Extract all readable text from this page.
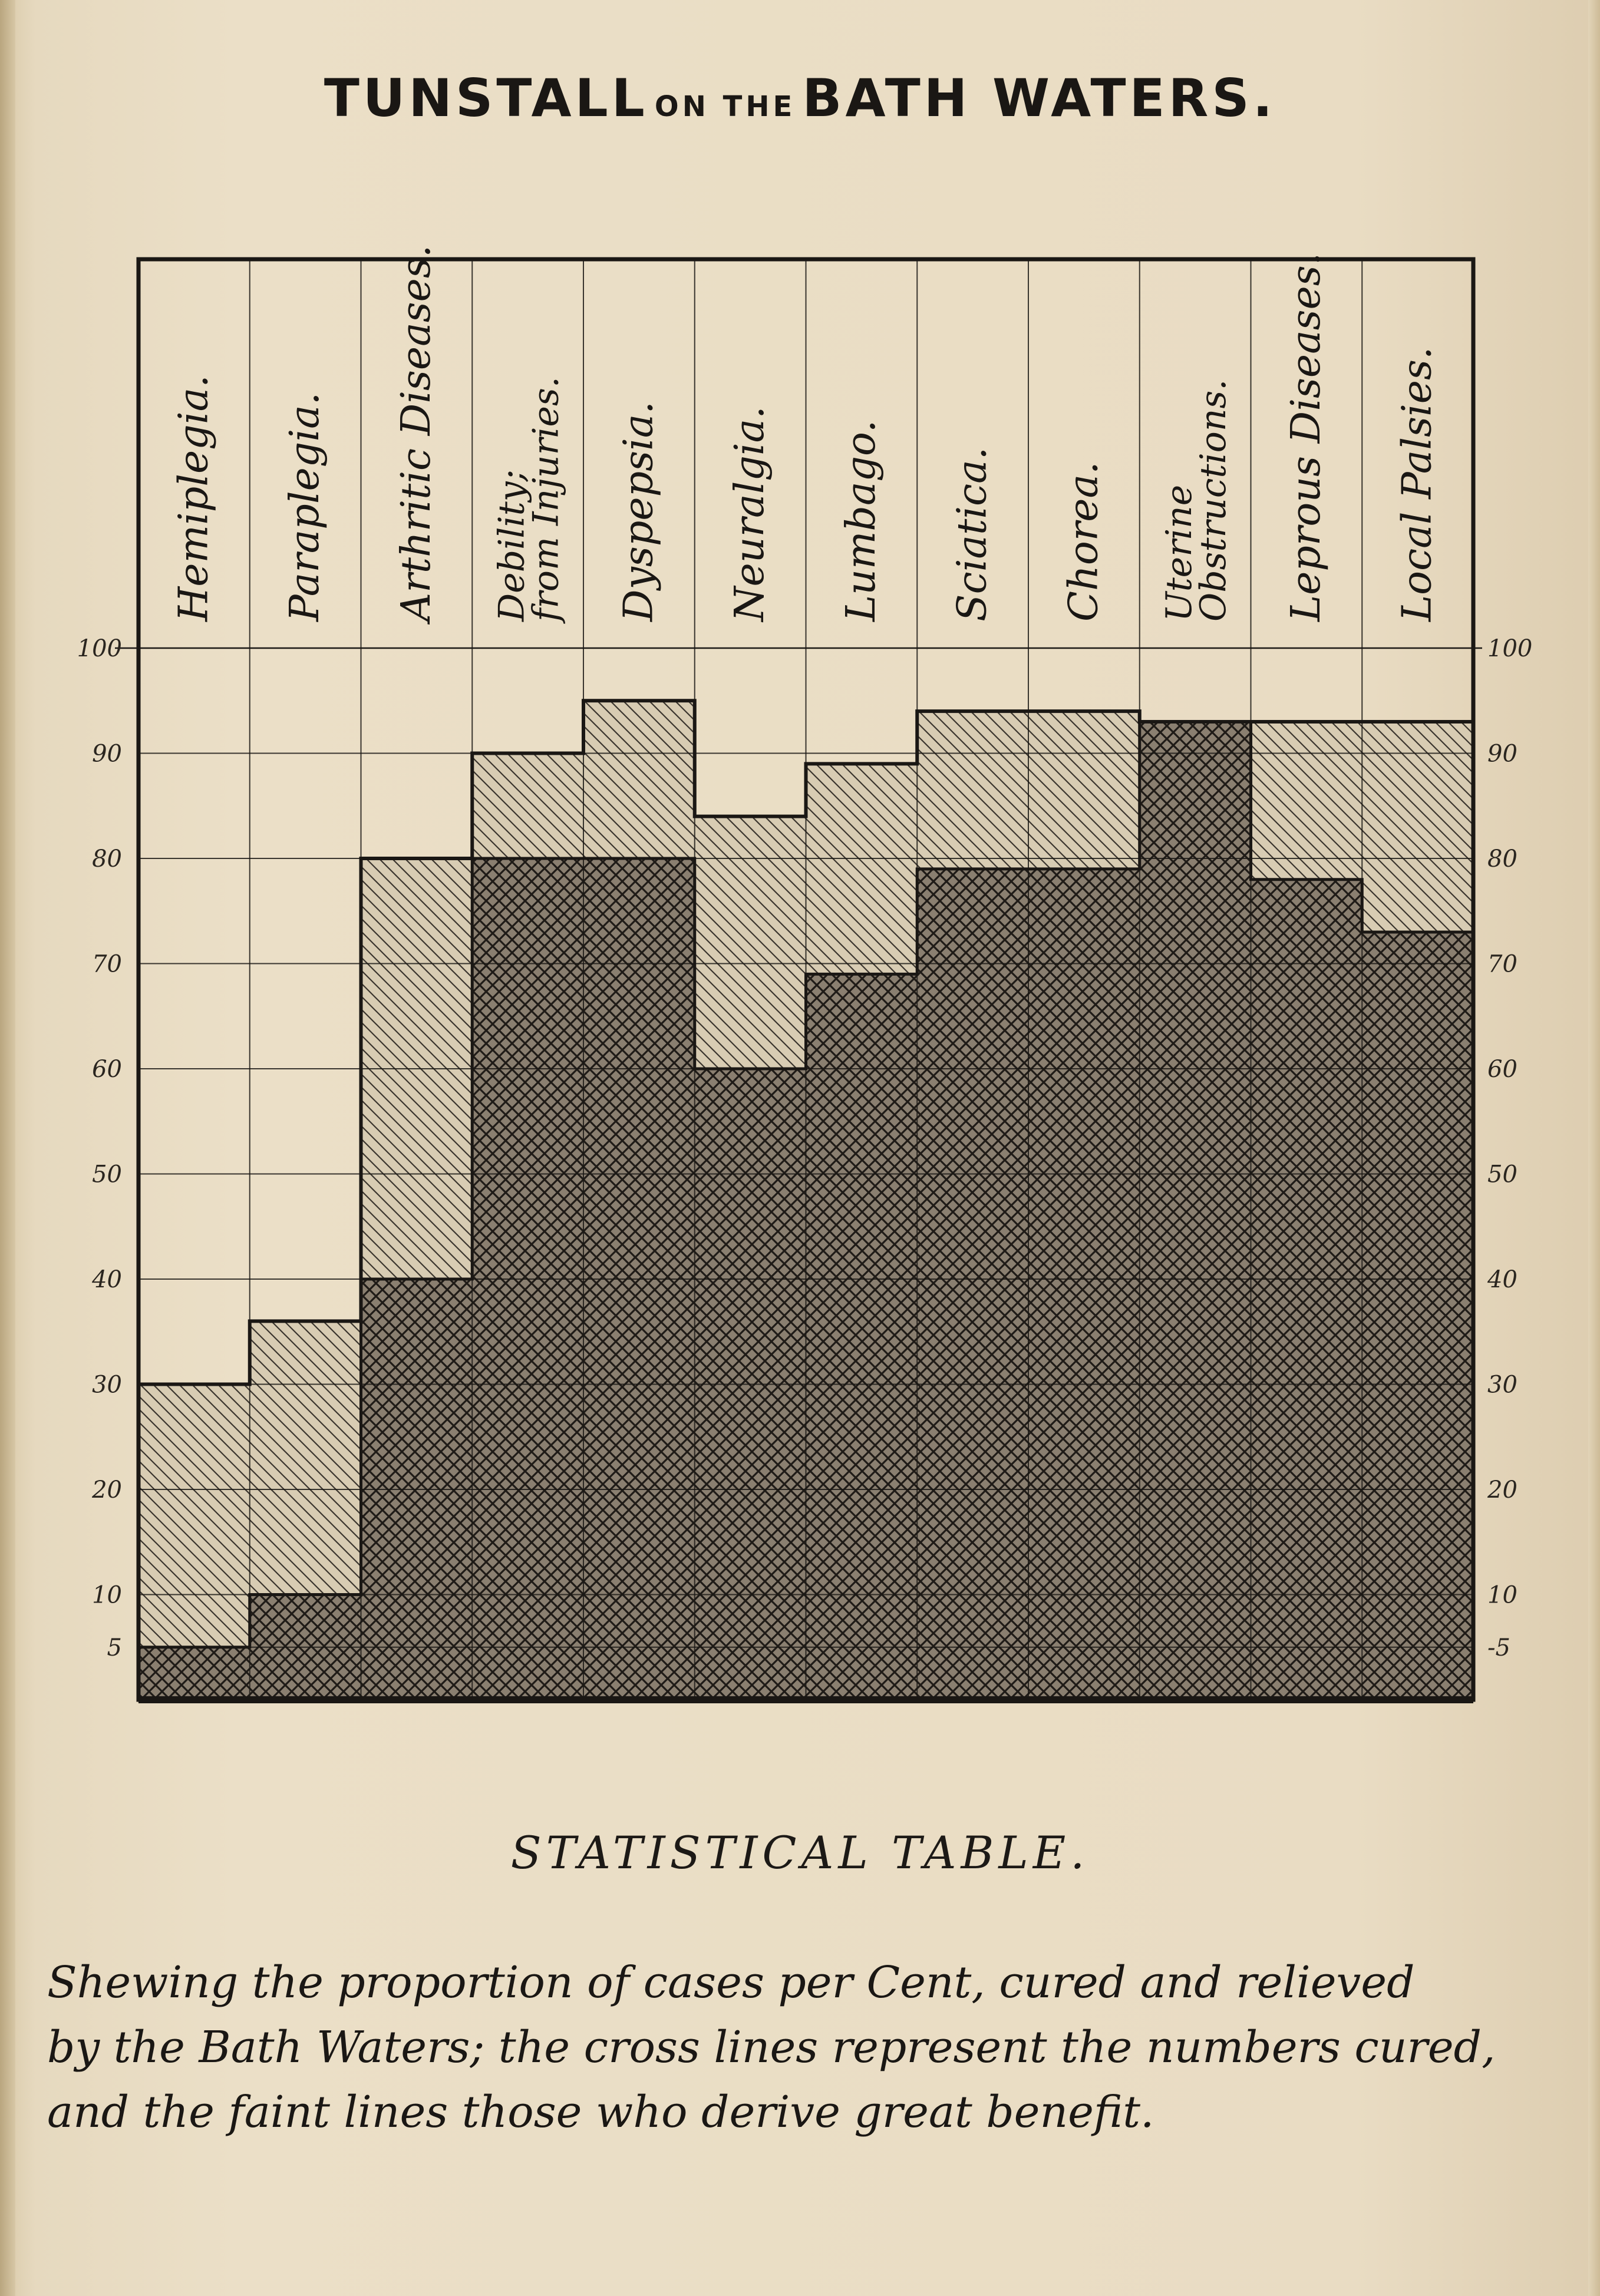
TUNSTALL ON THE BATH WATERS.
Hemiplegia. Paraplegia. Arthritic Diseases. Debility;
from Injuries. Dyspepsia. Neuralgia. Lumbago. Sciatica. Chorea. Uterine
Obstructions. Leprous Diseases. Local Palsies.
5	-5
10	10
20	20
30	30
40	40
50	50
60	60
70	70
80	80
90	90
100	100
STATISTICAL TABLE.
Shewing the proportion of cases per Cent, cured and relieved
by the Bath Waters; the cross lines represent the numbers cured,
and the faint lines those who derive great benefit.
